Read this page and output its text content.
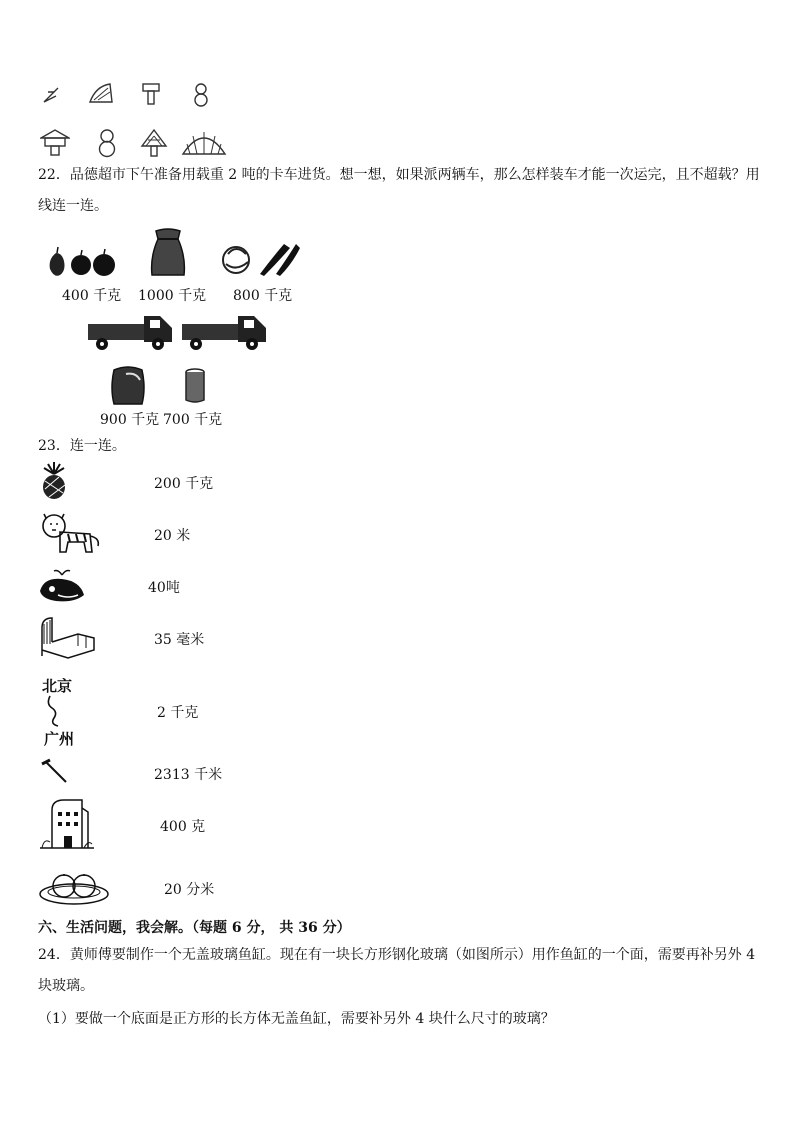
22．品德超市下午准备用载重 2 吨的卡车进货。想一想，如果派两辆车，那么怎样装车才能一次运完，且不超载？用
线连一连。
400 千克 1000 千克 800 千克
900 千克 700 千克
23．连一连。
200 千克
20 米
40吨
35 毫米
北京
广州
2 千克
2313 千米
400 克
20 分米
六、生活问题，我会解。（每题 6 分， 共 36 分）
24．黄师傅要制作一个无盖玻璃鱼缸。现在有一块长方形钢化玻璃（如图所示）用作鱼缸的一个面，需要再补另外 4
块玻璃。
（1）要做一个底面是正方形的长方体无盖鱼缸，需要补另外 4 块什么尺寸的玻璃？
